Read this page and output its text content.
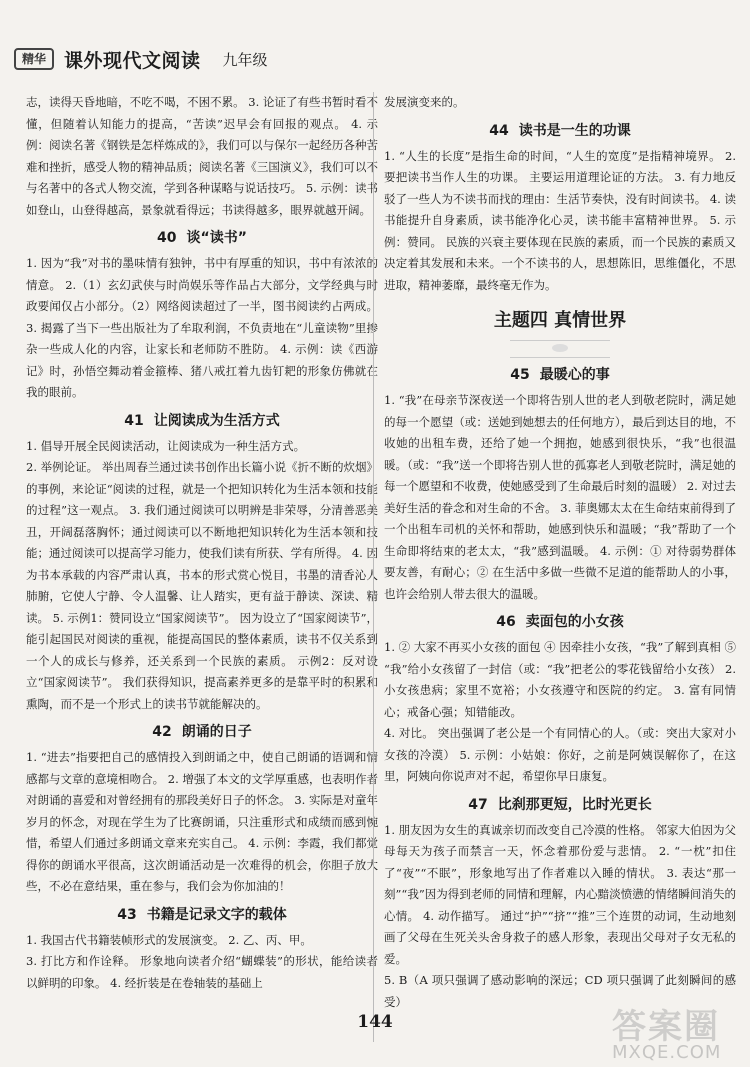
精华 课外现代文阅读 九年级

志，读得天昏地暗，不吃不喝，不困不累。 3. 论证了有些书暂时看不懂，但随着认知能力的提高，“苦读”迟早会有回报的观点。 4. 示例：阅读名著《钢铁是怎样炼成的》，我们可以与保尔一起经历各种苦难和挫折，感受人物的精神品质；阅读名著《三国演义》，我们可以不与名著中的各式人物交流，学到各种谋略与说话技巧。 5. 示例：读书如登山，山登得越高，景象就看得远；书读得越多，眼界就越开阔。

40 谈“读书”

1. 因为“我”对书的墨味情有独钟，书中有厚重的知识，书中有浓浓的情意。 2.（1）玄幻武侠与时尚娱乐等作品占大部分，文学经典与时政要闻仅占小部分。（2）网络阅读超过了一半，图书阅读约占两成。 3. 揭露了当下一些出版社为了牟取利润，不负责地在“儿童读物”里掺杂一些成人化的内容，让家长和老师防不胜防。 4. 示例：读《西游记》时，孙悟空舞动着金箍棒、猪八戒扛着九齿钉耙的形象仿佛就在我的眼前。

41 让阅读成为生活方式

1. 倡导开展全民阅读活动，让阅读成为一种生活方式。

2. 举例论证。 举出周春兰通过读书创作出长篇小说《折不断的炊烟》的事例，来论证“阅读的过程，就是一个把知识转化为生活本领和技能的过程”这一观点。 3. 我们通过阅读可以明辨是非荣辱，分清善恶美丑，开阔磊落胸怀；通过阅读可以不断地把知识转化为生活本领和技能；通过阅读可以提高学习能力，使我们读有所获、学有所得。 4. 因为书本承载的内容严肃认真，书本的形式赏心悦目，书墨的清香沁人肺腑，它使人宁静、令人温馨、让人踏实，更有益于静读、深读、精读。 5. 示例1：赞同设立“国家阅读节”。 因为设立了“国家阅读节”，能引起国民对阅读的重视，能提高国民的整体素质，读书不仅关系到一个人的成长与修养，还关系到一个民族的素质。 示例2：反对设立“国家阅读节”。 我们获得知识，提高素养更多的是靠平时的积累和熏陶，而不是一个形式上的读书节就能解决的。

42 朗诵的日子

1. “进去”指要把自己的感情投入到朗诵之中，使自己朗诵的语调和情感都与文章的意境相吻合。 2. 增强了本文的文学厚重感，也表明作者对朗诵的喜爱和对曾经拥有的那段美好日子的怀念。 3. 实际是对童年岁月的怀念，对现在学生为了比赛朗诵，只注重形式和成绩而感到惋惜，希望人们通过多朗诵文章来充实自己。 4. 示例：李霞，我们都觉得你的朗诵水平很高，这次朗诵活动是一次难得的机会，你胆子放大些，不必在意结果，重在参与，我们会为你加油的！

43 书籍是记录文字的载体

1. 我国古代书籍装帧形式的发展演变。 2. 乙、丙、甲。

3. 打比方和作诠释。 形象地向读者介绍“蝴蝶装”的形状，能给读者以鲜明的印象。 4. 经折装是在卷轴装的基础上

发展演变来的。

44 读书是一生的功课

1. “人生的长度”是指生命的时间，“人生的宽度”是指精神境界。 2. 要把读书当作人生的功课。 主要运用道理论证的方法。 3. 有力地反驳了一些人为不读书而找的理由：生活节奏快，没有时间读书。 4. 读书能提升自身素质，读书能净化心灵，读书能丰富精神世界。 5. 示例：赞同。 民族的兴衰主要体现在民族的素质，而一个民族的素质又决定着其发展和未来。一个不读书的人，思想陈旧，思维僵化，不思进取，精神萎靡，最终毫无作为。

主题四 真情世界
45 最暖心的事

1. “我”在母亲节深夜送一个即将告别人世的老人到敬老院时，满足她的每一个愿望（或：送她到她想去的任何地方），最后到达目的地，不收她的出租车费，还给了她一个拥抱，她感到很快乐，“我”也很温暖。（或：“我”送一个即将告别人世的孤寡老人到敬老院时，满足她的每一个愿望和不收费，使她感受到了生命最后时刻的温暖） 2. 对过去美好生活的眷念和对生命的不舍。 3. 菲奥娜太太在生命结束前得到了一个出租车司机的关怀和帮助，她感到快乐和温暖；“我”帮助了一个生命即将结束的老太太，“我”感到温暖。 4. 示例：① 对待弱势群体要友善，有耐心；② 在生活中多做一些微不足道的能帮助人的小事，也许会给别人带去很大的温暖。

46 卖面包的小女孩

1. ② 大家不再买小女孩的面包 ④ 因牵挂小女孩，“我”了解到真相 ⑤ “我”给小女孩留了一封信（或：“我”把老公的零花钱留给小女孩） 2. 小女孩患病；家里不宽裕；小女孩遵守和医院的约定。 3. 富有同情心；戒备心强；知错能改。

4. 对比。 突出强调了老公是一个有同情心的人。（或：突出大家对小女孩的冷漠） 5. 示例：小姑娘：你好，之前是阿姨误解你了，在这里，阿姨向你说声对不起，希望你早日康复。

47 比刹那更短，比时光更长

1. 朋友因为女生的真诚亲切而改变自己冷漠的性格。 邻家大伯因为父母每天为孩子而禁言一天，怀念着那份爱与悲情。 2. “一枕”扣住了“夜”“不眠”，形象地写出了作者难以入睡的情状。 3. 表达“那一刻”“我”因为得到老师的同情和理解，内心黯淡愤懑的情绪瞬间消失的心情。 4. 动作描写。 通过“护”“挤”“推”三个连贯的动词，生动地刻画了父母在生死关头舍身救子的感人形象，表现出父母对子女无私的爱。

5. B（A 项只强调了感动影响的深远；CD 项只强调了此刻瞬间的感受）

144	答案圈
MXQE.COM
